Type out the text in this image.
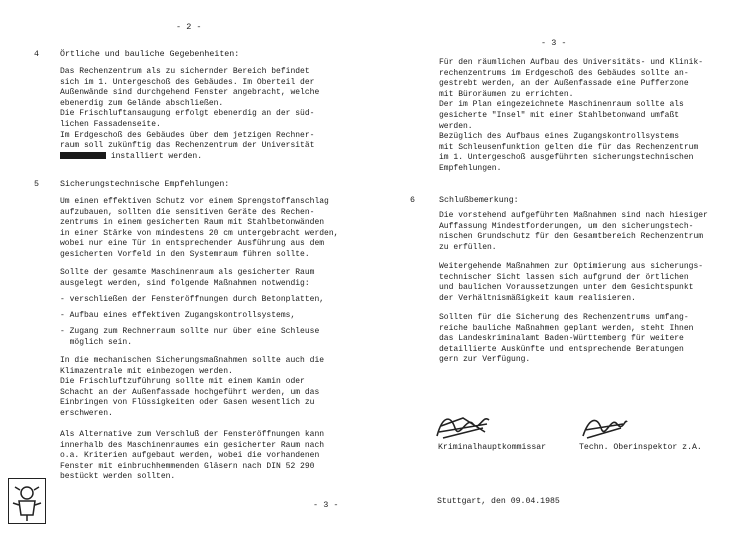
- 2 -
4	Örtliche und bauliche Gegebenheiten:
Das Rechenzentrum als zu sichernder Bereich befindet
sich im 1. Untergeschoß des Gebäudes. Im Oberteil der
Außenwände sind durchgehend Fenster angebracht, welche
ebenerdig zum Gelände abschließen.
Die Frischluftansaugung erfolgt ebenerdig an der süd-
lichen Fassadenseite.
Im Erdgeschoß des Gebäudes über dem jetzigen Rechner-
raum soll zukünftig das Rechenzentrum der Universität
installiert werden.
5	Sicherungstechnische Empfehlungen:
Um einen effektiven Schutz vor einem Sprengstoffanschlag
aufzubauen, sollten die sensitiven Geräte des Rechen-
zentrums in einem gesicherten Raum mit Stahlbetonwänden
in einer Stärke von mindestens 20 cm untergebracht werden,
wobei nur eine Tür in entsprechender Ausführung aus dem
gesicherten Vorfeld in den Systemraum führen sollte.
Sollte der gesamte Maschinenraum als gesicherter Raum
ausgelegt werden, sind folgende Maßnahmen notwendig:
- verschließen der Fensteröffnungen durch Betonplatten,
- Aufbau eines effektiven Zugangskontrollsystems,
- Zugang zum Rechnerraum sollte nur über eine Schleuse
möglich sein.
In die mechanischen Sicherungsmaßnahmen sollte auch die
Klimazentrale mit einbezogen werden.
Die Frischluftzuführung sollte mit einem Kamin oder
Schacht an der Außenfassade hochgeführt werden, um das
Einbringen von Flüssigkeiten oder Gasen wesentlich zu
erschweren.
Als Alternative zum Verschluß der Fensteröffnungen kann
innerhalb des Maschinenraumes ein gesicherter Raum nach
o.a. Kriterien aufgebaut werden, wobei die vorhandenen
Fenster mit einbruchhemmenden Gläsern nach DIN 52 290
bestückt werden sollten.
- 3 -
- 3 -
Für den räumlichen Aufbau des Universitäts- und Klinik-
rechenzentrums im Erdgeschoß des Gebäudes sollte an-
gestrebt werden, an der Außenfassade eine Pufferzone
mit Büroräumen zu errichten.
Der im Plan eingezeichnete Maschinenraum sollte als
gesicherte "Insel" mit einer Stahlbetonwand umfaßt
werden.
Bezüglich des Aufbaus eines Zugangskontrollsystems
mit Schleusenfunktion gelten die für das Rechenzentrum
im 1. Untergeschoß ausgeführten sicherungstechnischen
Empfehlungen.
6	Schlußbemerkung:
Die vorstehend aufgeführten Maßnahmen sind nach hiesiger
Auffassung Mindestforderungen, um den sicherungstech-
nischen Grundschutz für den Gesamtbereich Rechenzentrum
zu erfüllen.
Weitergehende Maßnahmen zur Optimierung aus sicherungs-
technischer Sicht lassen sich aufgrund der örtlichen
und baulichen Voraussetzungen unter dem Gesichtspunkt
der Verhältnismäßigkeit kaum realisieren.
Sollten für die Sicherung des Rechenzentrums umfang-
reiche bauliche Maßnahmen geplant werden, steht Ihnen
das Landeskriminalamt Baden-Württemberg für weitere
detaillierte Auskünfte und entsprechende Beratungen
gern zur Verfügung.
Kriminalhauptkommissar	Techn. Oberinspektor z.A.
Stuttgart, den 09.04.1985
